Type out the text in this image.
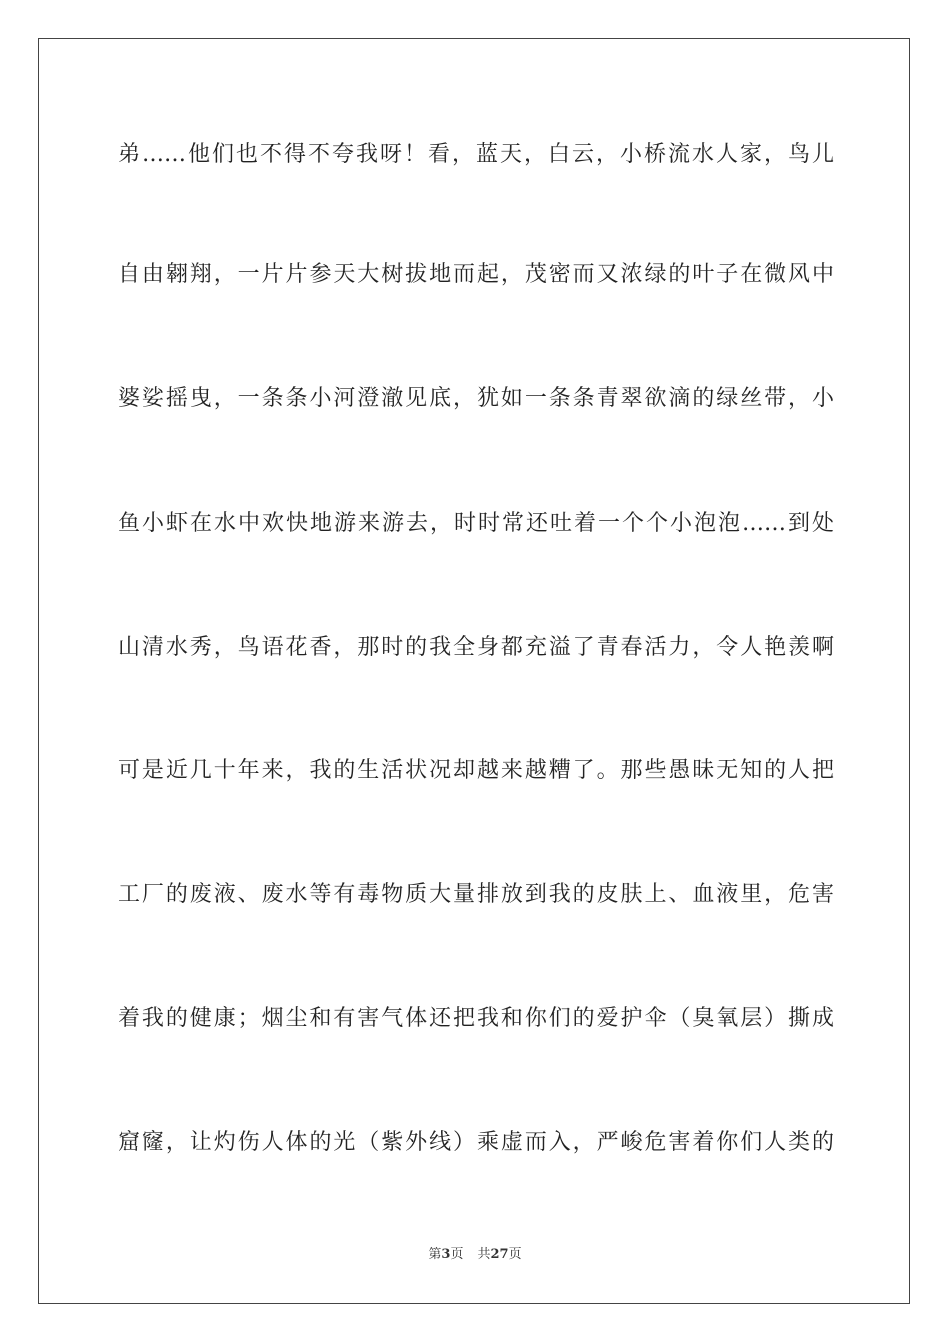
弟……他们也不得不夸我呀！看，蓝天，白云，小桥流水人家，鸟儿
自由翱翔，一片片参天大树拔地而起，茂密而又浓绿的叶子在微风中
婆娑摇曳，一条条小河澄澈见底，犹如一条条青翠欲滴的绿丝带，小
鱼小虾在水中欢快地游来游去，时时常还吐着一个个小泡泡……到处
山清水秀，鸟语花香，那时的我全身都充溢了青春活力，令人艳羡啊
可是近几十年来，我的生活状况却越来越糟了。那些愚昧无知的人把
工厂的废液、废水等有毒物质大量排放到我的皮肤上、血液里，危害
着我的健康；烟尘和有害气体还把我和你们的爱护伞（臭氧层）撕成
窟窿，让灼伤人体的光（紫外线）乘虚而入，严峻危害着你们人类的
第3页 共27页
